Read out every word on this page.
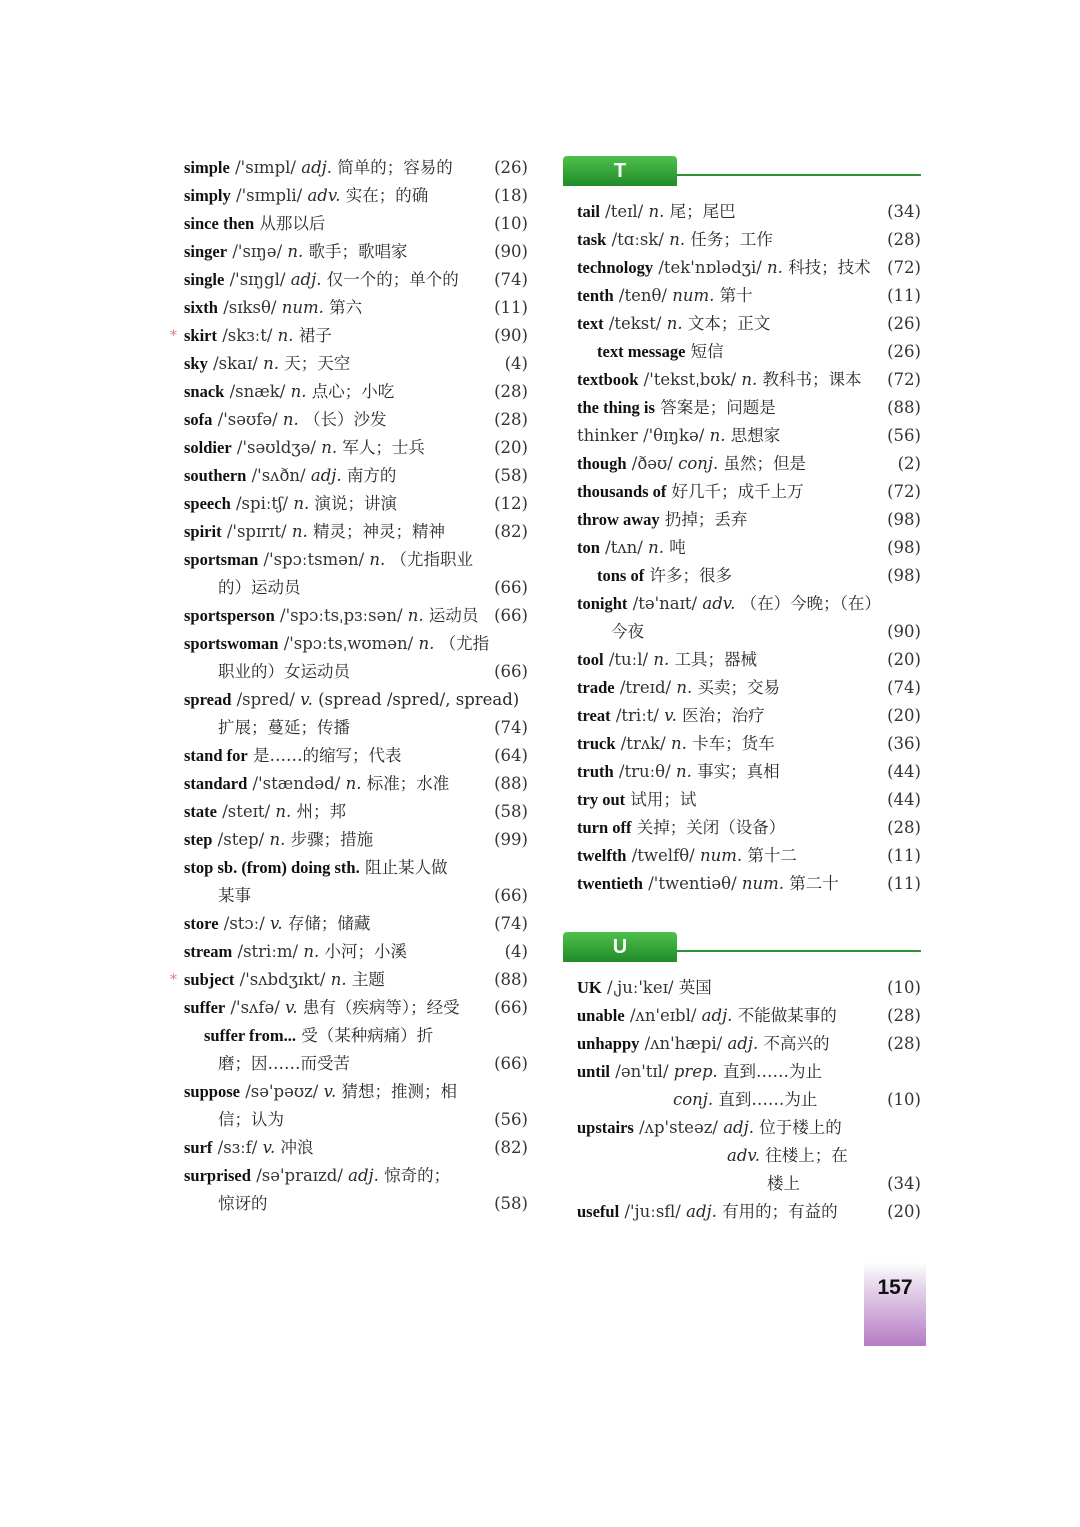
simple /'sɪmpl/ adj. 简单的；容易的	(26)
simply /'sɪmpli/ adv. 实在；的确	(18)
since then 从那以后	(10)
singer /'sɪŋə/ n. 歌手；歌唱家	(90)
single /'sɪŋgl/ adj. 仅一个的；单个的 (74)
sixth /sɪksθ/ num. 第六	(11)
* skirt /skɜːt/ n. 裙子	(90)
sky /skaɪ/ n. 天；天空	(4)
snack /snæk/ n. 点心；小吃	(28)
sofa /'səʊfə/ n. （长）沙发	(28)
soldier /'səʊldʒə/ n. 军人；士兵	(20)
southern /'sʌðn/ adj. 南方的	(58)
speech /spiːtʃ/ n. 演说；讲演	(12)
spirit /'spɪrɪt/ n. 精灵；神灵；精神	(82)
sportsman /'spɔːtsmən/ n. （尤指职业
的）运动员	(66)
sportsperson /'spɔːtsˌpɜːsən/ n. 运动员 (66)
sportswoman /'spɔːtsˌwʊmən/ n. （尤指
职业的）女运动员	(66)
spread /spred/ v. (spread /spred/, spread)
扩展；蔓延；传播	(74)
stand for 是……的缩写；代表	(64)
standard /'stændəd/ n. 标准；水准	(88)
state /steɪt/ n. 州；邦	(58)
step /step/ n. 步骤；措施	(99)
stop sb. (from) doing sth. 阻止某人做
某事	(66)
store /stɔː/ v. 存储；储藏	(74)
stream /striːm/ n. 小河；小溪	(4)
* subject /'sʌbdʒɪkt/ n. 主题	(88)
suffer /'sʌfə/ v. 患有（疾病等）；经受 (66)
suffer from... 受（某种病痛）折
磨；因……而受苦	(66)
suppose /sə'pəʊz/ v. 猜想；推测；相
信；认为	(56)
surf /sɜːf/ v. 冲浪	(82)
surprised /sə'praɪzd/ adj. 惊奇的；
惊讶的	(58)
T
tail /teɪl/ n. 尾；尾巴	(34)
task /tɑːsk/ n. 任务；工作	(28)
technology /tek'nɒlədʒi/ n. 科技；技术 (72)
tenth /tenθ/ num. 第十	(11)
text /tekst/ n. 文本；正文	(26)
text message 短信	(26)
textbook /'tekstˌbʊk/ n. 教科书；课本 (72)
the thing is 答案是；问题是	(88)
thinker /'θɪŋkə/ n. 思想家	(56)
though /ðəʊ/ conj. 虽然；但是	(2)
thousands of 好几千；成千上万	(72)
throw away 扔掉；丢弃	(98)
ton /tʌn/ n. 吨	(98)
tons of 许多；很多	(98)
tonight /tə'naɪt/ adv. （在）今晚；（在）
今夜	(90)
tool /tuːl/ n. 工具；器械	(20)
trade /treɪd/ n. 买卖；交易	(74)
treat /triːt/ v. 医治；治疗	(20)
truck /trʌk/ n. 卡车；货车	(36)
truth /truːθ/ n. 事实；真相	(44)
try out 试用；试	(44)
turn off 关掉；关闭（设备）	(28)
twelfth /twelfθ/ num. 第十二	(11)
twentieth /'twentiəθ/ num. 第二十	(11)
U
UK /ˌjuː'keɪ/ 英国	(10)
unable /ʌn'eɪbl/ adj. 不能做某事的	(28)
unhappy /ʌn'hæpi/ adj. 不高兴的	(28)
until /ən'tɪl/ prep. 直到……为止
conj. 直到……为止	(10)
upstairs /ʌp'steəz/ adj. 位于楼上的
adv. 往楼上；在
楼上	(34)
useful /'juːsfl/ adj. 有用的；有益的	(20)
157
